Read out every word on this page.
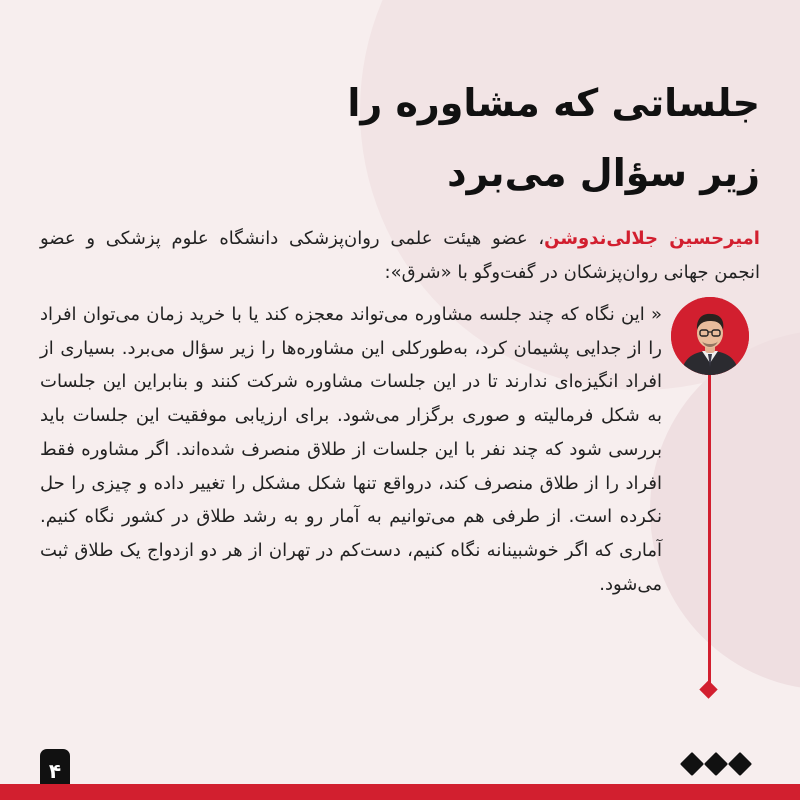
جلساتی که مشاوره را
زیر سؤال می‌برد

امیرحسین جلالی‌ندوشن، عضو هیئت علمی روان‌پزشکی دانشگاه علوم پزشکی و عضو انجمن جهانی روان‌پزشکان در گفت‌وگو با «شرق»:

« این نگاه که چند جلسه مشاوره می‌تواند معجزه کند یا با خرید زمان می‌توان افراد را از جدایی پشیمان کرد، به‌طورکلی این مشاوره‌ها را زیر سؤال می‌برد. بسیاری از افراد انگیزه‌ای ندارند تا در این جلسات مشاوره شرکت کنند و بنابراین این جلسات به شکل فرمالیته و صوری برگزار می‌شود. برای ارزیابی موفقیت این جلسات باید بررسی شود که چند نفر با این جلسات از طلاق منصرف شده‌اند. اگر مشاوره فقط افراد را از طلاق منصرف کند، درواقع تنها شکل مشکل را تغییر داده و چیزی را حل نکرده است. از طرفی هم می‌توانیم به آمار رو به رشد طلاق در کشور نگاه کنیم. آماری که اگر خوشبینانه نگاه کنیم، دست‌کم در تهران از هر دو ازدواج یک طلاق ثبت می‌شود.

۴
